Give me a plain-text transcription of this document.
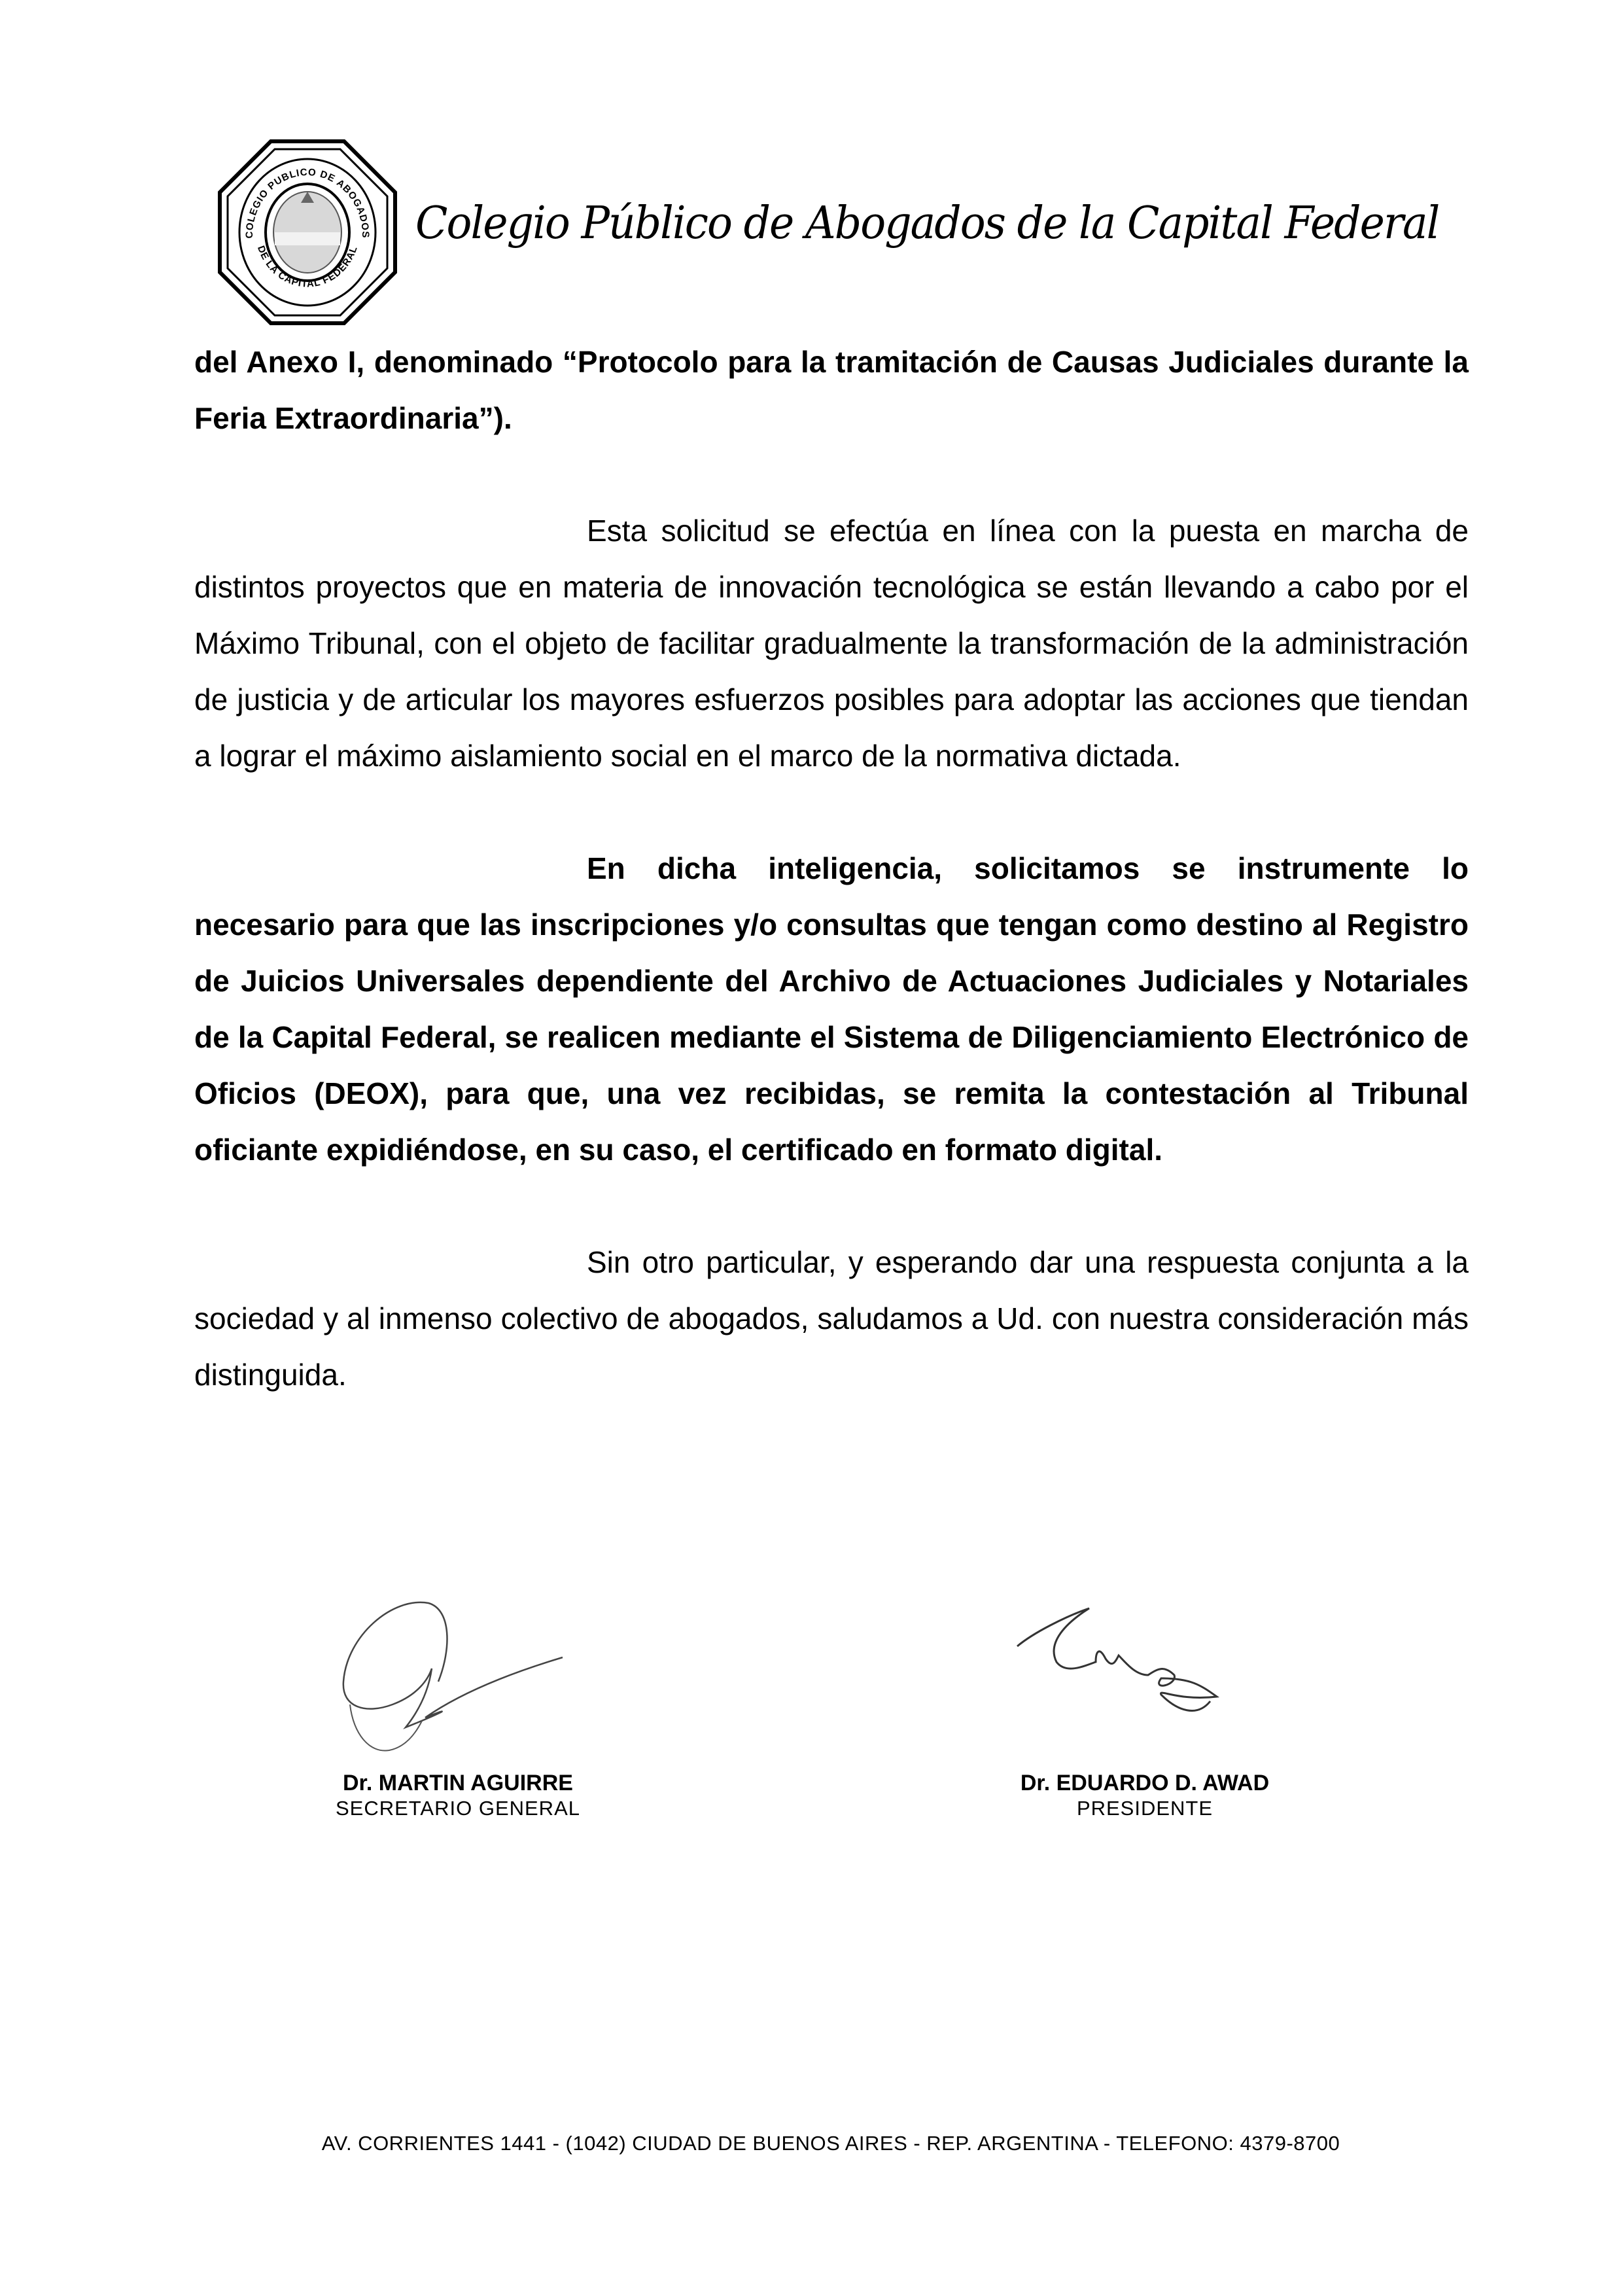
COLEGIO PUBLICO DE ABOGADOS
DE LA CAPITAL FEDERAL
Colegio Público de Abogados de la Capital Federal

del Anexo I, denominado “Protocolo para la tramitación de Causas Judiciales durante la Feria Extraordinaria”).

Esta solicitud se efectúa en línea con la puesta en marcha de distintos proyectos que en materia de innovación tecnológica se están llevando a cabo por el Máximo Tribunal, con el objeto de facilitar gradualmente la transformación de la administración de justicia y de articular los mayores esfuerzos posibles para adoptar las acciones que tiendan a lograr el máximo aislamiento social en el marco de la normativa dictada.

En dicha inteligencia, solicitamos se instrumente lo necesario para que las inscripciones y/o consultas que tengan como destino al Registro de Juicios Universales dependiente del Archivo de Actuaciones Judiciales y Notariales de la Capital Federal, se realicen mediante el Sistema de Diligenciamiento Electrónico de Oficios (DEOX), para que, una vez recibidas, se remita la contestación al Tribunal oficiante expidiéndose, en su caso, el certificado en formato digital.

Sin otro particular, y esperando dar una respuesta conjunta a la sociedad y al inmenso colectivo de abogados, saludamos a Ud. con nuestra consideración más distinguida.

Dr. MARTIN AGUIRRE
SECRETARIO GENERAL
Dr. EDUARDO D. AWAD
PRESIDENTE
AV. CORRIENTES 1441 - (1042) CIUDAD DE BUENOS AIRES - REP. ARGENTINA - TELEFONO: 4379-8700
